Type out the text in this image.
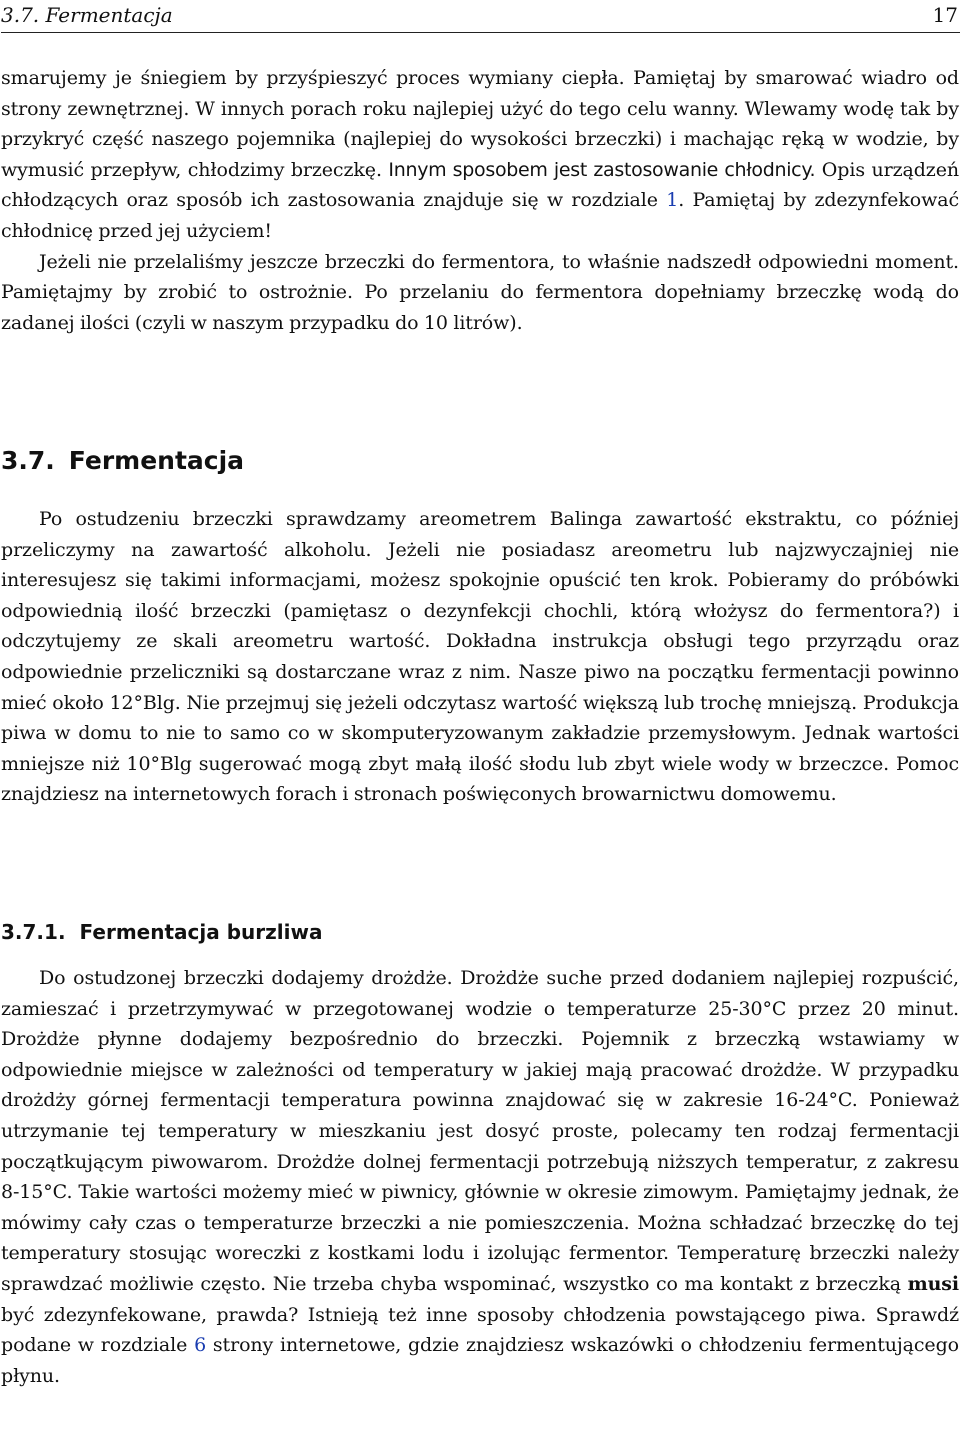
3.7. Fermentacja	17

smarujemy je śniegiem by przyśpieszyć proces wymiany ciepła. Pamiętaj by smarować wiadro od strony zewnętrznej. W innych porach roku najlepiej użyć do tego celu wanny. Wlewamy wodę tak by przykryć część naszego pojemnika (najlepiej do wysokości brzeczki) i machając ręką w wodzie, by wymusić przepływ, chłodzimy brzeczkę. Innym sposobem jest zastosowanie chłodnicy. Opis urządzeń chłodzących oraz sposób ich zastosowania znajduje się w rozdziale 1. Pamiętaj by zdezynfekować chłodnicę przed jej użyciem!

Jeżeli nie przelaliśmy jeszcze brzeczki do fermentora, to właśnie nadszedł odpowiedni moment. Pamiętajmy by zrobić to ostrożnie. Po przelaniu do fermentora dopełniamy brzeczkę wodą do zadanej ilości (czyli w naszym przypadku do 10 litrów).

3.7. Fermentacja

Po ostudzeniu brzeczki sprawdzamy areometrem Balinga zawartość ekstraktu, co później przeliczymy na zawartość alkoholu. Jeżeli nie posiadasz areometru lub najzwyczajniej nie interesujesz się takimi informacjami, możesz spokojnie opuścić ten krok. Pobieramy do próbówki odpowiednią ilość brzeczki (pamiętasz o dezynfekcji chochli, którą włożysz do fermentora?) i odczytujemy ze skali areometru wartość. Dokładna instrukcja obsługi tego przyrządu oraz odpowiednie przeliczniki są dostarczane wraz z nim. Nasze piwo na początku fermentacji powinno mieć około 12°Blg. Nie przejmuj się jeżeli odczytasz wartość większą lub trochę mniejszą. Produkcja piwa w domu to nie to samo co w skomputeryzowanym zakładzie przemysłowym. Jednak wartości mniejsze niż 10°Blg sugerować mogą zbyt małą ilość słodu lub zbyt wiele wody w brzeczce. Pomoc znajdziesz na internetowych forach i stronach poświęconych browarnictwu domowemu.

3.7.1. Fermentacja burzliwa

Do ostudzonej brzeczki dodajemy drożdże. Drożdże suche przed dodaniem najlepiej rozpuścić, zamieszać i przetrzymywać w przegotowanej wodzie o temperaturze 25-30°C przez 20 minut. Drożdże płynne dodajemy bezpośrednio do brzeczki. Pojemnik z brzeczką wstawiamy w odpowiednie miejsce w zależności od temperatury w jakiej mają pracować drożdże. W przypadku drożdży górnej fermentacji temperatura powinna znajdować się w zakresie 16-24°C. Ponieważ utrzymanie tej temperatury w mieszkaniu jest dosyć proste, polecamy ten rodzaj fermentacji początkującym piwowarom. Drożdże dolnej fermentacji potrzebują niższych temperatur, z zakresu 8-15°C. Takie wartości możemy mieć w piwnicy, głównie w okresie zimowym. Pamiętajmy jednak, że mówimy cały czas o temperaturze brzeczki a nie pomieszczenia. Można schładzać brzeczkę do tej temperatury stosując woreczki z kostkami lodu i izolując fermentor. Temperaturę brzeczki należy sprawdzać możliwie często. Nie trzeba chyba wspominać, wszystko co ma kontakt z brzeczką musi być zdezynfekowane, prawda? Istnieją też inne sposoby chłodzenia powstającego piwa. Sprawdź podane w rozdziale 6 strony internetowe, gdzie znajdziesz wskazówki o chłodzeniu fermentującego płynu.
